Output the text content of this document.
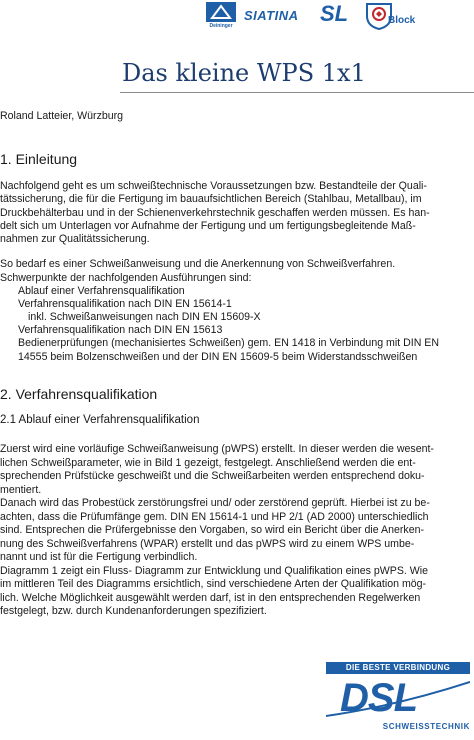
Deininger
SIATINA SL	Block
Das kleine WPS 1x1
Roland Latteier, Würzburg
1. Einleitung
Nachfolgend geht es um schweißtechnische Voraussetzungen bzw. Bestandteile der Quali-
tätssicherung, die für die Fertigung im bauaufsichtlichen Bereich (Stahlbau, Metallbau), im
Druckbehälterbau und in der Schienenverkehrstechnik geschaffen werden müssen. Es han-
delt sich um Unterlagen vor Aufnahme der Fertigung und um fertigungsbegleitende Maß-
nahmen zur Qualitätssicherung.
So bedarf es einer Schweißanweisung und die Anerkennung von Schweißverfahren.
Schwerpunkte der nachfolgenden Ausführungen sind:
Ablauf einer Verfahrensqualifikation
Verfahrensqualifikation nach DIN EN 15614-1
inkl. Schweißanweisungen nach DIN EN 15609-X
Verfahrensqualifikation nach DIN EN 15613
Bedienerprüfungen (mechanisiertes Schweißen) gem. EN 1418 in Verbindung mit DIN EN
14555 beim Bolzenschweißen und der DIN EN 15609-5 beim Widerstandsschweißen
2. Verfahrensqualifikation
2.1 Ablauf einer Verfahrensqualifikation
Zuerst wird eine vorläufige Schweißanweisung (pWPS) erstellt. In dieser werden die wesent-
lichen Schweißparameter, wie in Bild 1 gezeigt, festgelegt. Anschließend werden die ent-
sprechenden Prüfstücke geschweißt und die Schweißarbeiten werden entsprechend doku-
mentiert.
Danach wird das Probestück zerstörungsfrei und/ oder zerstörend geprüft. Hierbei ist zu be-
achten, dass die Prüfumfänge gem. DIN EN 15614-1 und HP 2/1 (AD 2000) unterschiedlich
sind. Entsprechen die Prüfergebnisse den Vorgaben, so wird ein Bericht über die Anerken-
nung des Schweißverfahrens (WPAR) erstellt und das pWPS wird zu einem WPS umbe-
nannt und ist für die Fertigung verbindlich.
Diagramm 1 zeigt ein Fluss- Diagramm zur Entwicklung und Qualifikation eines pWPS. Wie
im mittleren Teil des Diagramms ersichtlich, sind verschiedene Arten der Qualifikation mög-
lich. Welche Möglichkeit ausgewählt werden darf, ist in den entsprechenden Regelwerken
festgelegt, bzw. durch Kundenanforderungen spezifiziert.
DIE BESTE VERBINDUNG
DSL
SCHWEISSTECHNIK
